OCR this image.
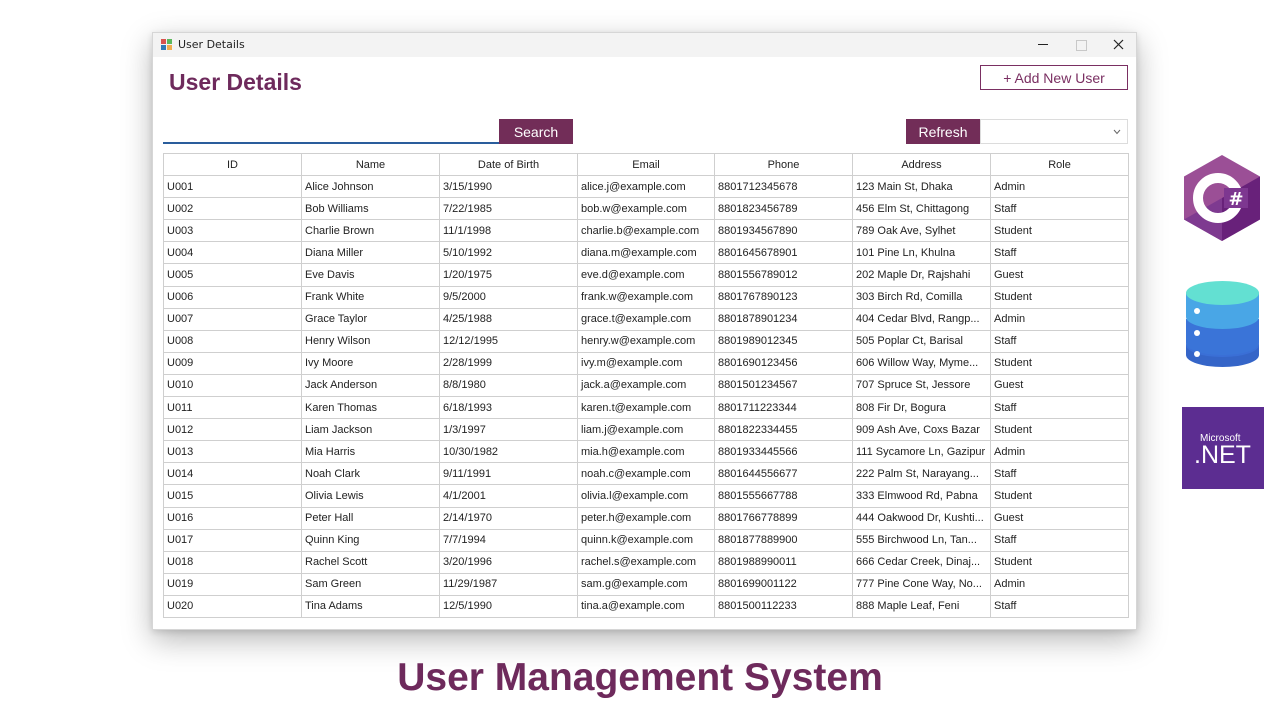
User Details
User Details	+ Add New User
Search	Refresh
ID	Name	Date of Birth	Email	Phone	Address	Role
U001	Alice Johnson	3/15/1990	alice.j@example.com	8801712345678	123 Main St, Dhaka	Admin
U002	Bob Williams	7/22/1985	bob.w@example.com	8801823456789	456 Elm St, Chittagong	Staff
U003	Charlie Brown	11/1/1998	charlie.b@example.com	8801934567890	789 Oak Ave, Sylhet	Student
U004	Diana Miller	5/10/1992	diana.m@example.com	8801645678901	101 Pine Ln, Khulna	Staff
U005	Eve Davis	1/20/1975	eve.d@example.com	8801556789012	202 Maple Dr, Rajshahi	Guest
U006	Frank White	9/5/2000	frank.w@example.com	8801767890123	303 Birch Rd, Comilla	Student
U007	Grace Taylor	4/25/1988	grace.t@example.com	8801878901234	404 Cedar Blvd, Rangp...	Admin
U008	Henry Wilson	12/12/1995	henry.w@example.com	8801989012345	505 Poplar Ct, Barisal	Staff
U009	Ivy Moore	2/28/1999	ivy.m@example.com	8801690123456	606 Willow Way, Myme...	Student
U010	Jack Anderson	8/8/1980	jack.a@example.com	8801501234567	707 Spruce St, Jessore	Guest
U011	Karen Thomas	6/18/1993	karen.t@example.com	8801711223344	808 Fir Dr, Bogura	Staff
U012	Liam Jackson	1/3/1997	liam.j@example.com	8801822334455	909 Ash Ave, Coxs Bazar	Student
U013	Mia Harris	10/30/1982	mia.h@example.com	8801933445566	111 Sycamore Ln, Gazipur	Admin
U014	Noah Clark	9/11/1991	noah.c@example.com	8801644556677	222 Palm St, Narayang...	Staff
U015	Olivia Lewis	4/1/2001	olivia.l@example.com	8801555667788	333 Elmwood Rd, Pabna	Student
U016	Peter Hall	2/14/1970	peter.h@example.com	8801766778899	444 Oakwood Dr, Kushti...	Guest
U017	Quinn King	7/7/1994	quinn.k@example.com	8801877889900	555 Birchwood Ln, Tan...	Staff
U018	Rachel Scott	3/20/1996	rachel.s@example.com	8801988990011	666 Cedar Creek, Dinaj...	Student
U019	Sam Green	11/29/1987	sam.g@example.com	8801699001122	777 Pine Cone Way, No...	Admin
U020	Tina Adams	12/5/1990	tina.a@example.com	8801500112233	888 Maple Leaf, Feni	Staff
#
Microsoft
.NET
User Management System
